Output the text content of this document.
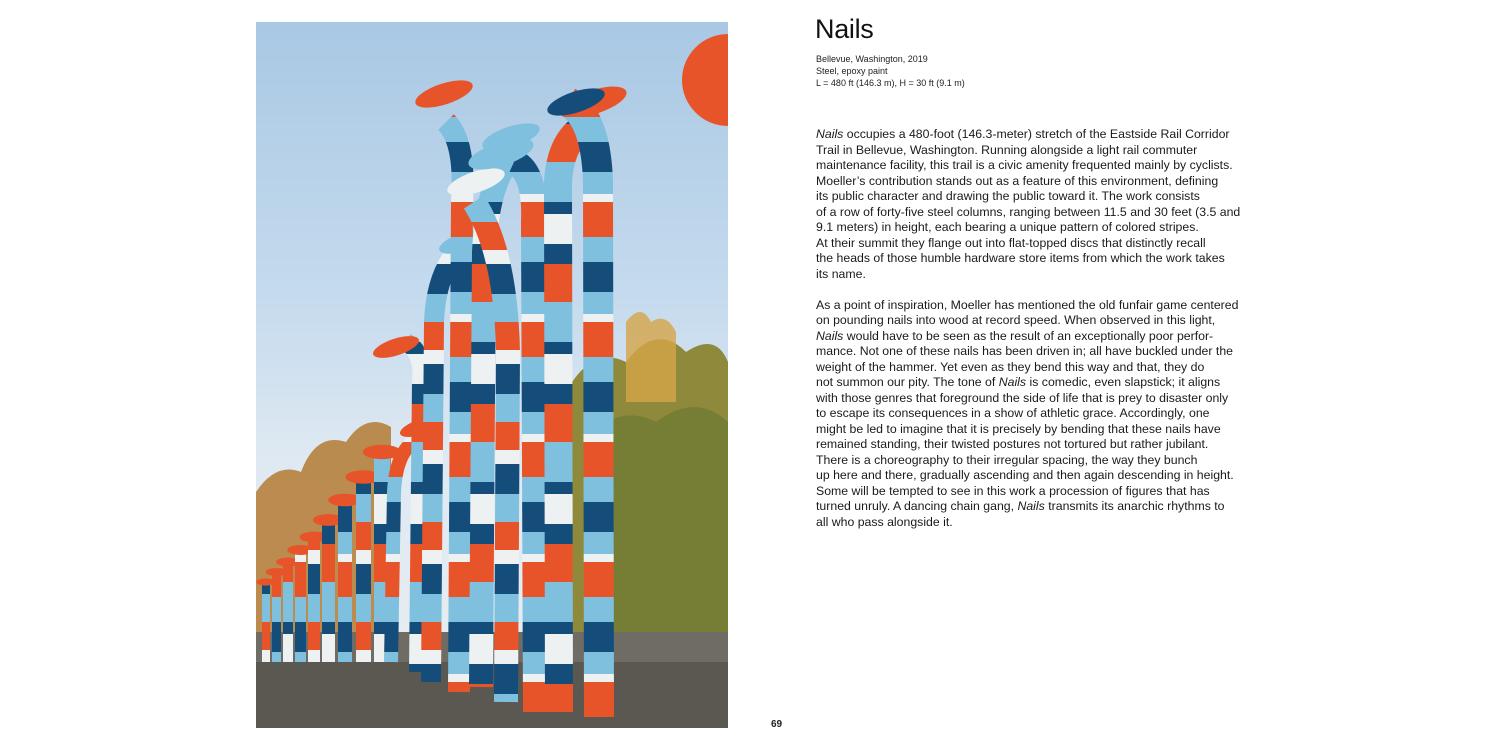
69
Nails
Bellevue, Washington, 2019
Steel, epoxy paint
L = 480 ft (146.3 m), H = 30 ft (9.1 m)

Nails occupies a 480-foot (146.3-meter) stretch of the Eastside Rail Corridor
Trail in Bellevue, Washington. Running alongside a light rail commuter
maintenance facility, this trail is a civic amenity frequented mainly by cyclists.
Moeller’s contribution stands out as a feature of this environment, defining
its public character and drawing the public toward it. The work consists
of a row of forty-five steel columns, ranging between 11.5 and 30 feet (3.5 and
9.1 meters) in height, each bearing a unique pattern of colored stripes.
At their summit they flange out into flat-topped discs that distinctly recall
the heads of those humble hardware store items from which the work takes
its name.

As a point of inspiration, Moeller has mentioned the old funfair game centered
on pounding nails into wood at record speed. When observed in this light,
Nails would have to be seen as the result of an exceptionally poor perfor-
mance. Not one of these nails has been driven in; all have buckled under the
weight of the hammer. Yet even as they bend this way and that, they do
not summon our pity. The tone of Nails is comedic, even slapstick; it aligns
with those genres that foreground the side of life that is prey to disaster only
to escape its consequences in a show of athletic grace. Accordingly, one
might be led to imagine that it is precisely by bending that these nails have
remained standing, their twisted postures not tortured but rather jubilant.
There is a choreography to their irregular spacing, the way they bunch
up here and there, gradually ascending and then again descending in height.
Some will be tempted to see in this work a procession of figures that has
turned unruly. A dancing chain gang, Nails transmits its anarchic rhythms to
all who pass alongside it.
